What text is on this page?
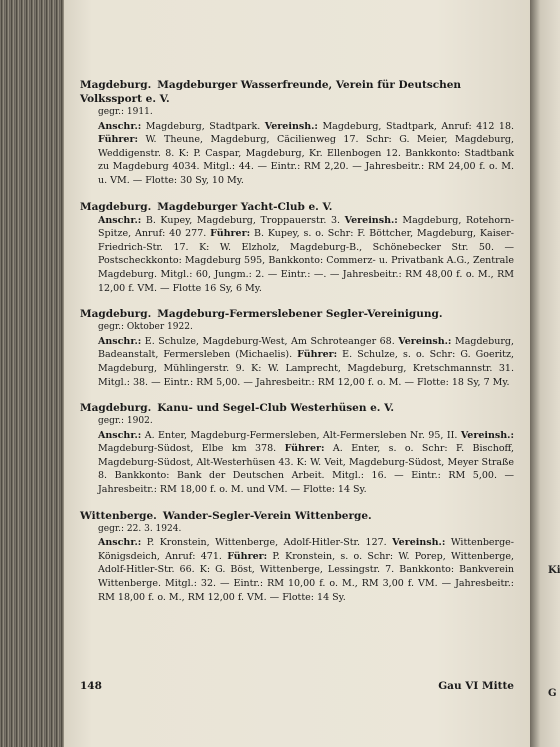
Ki
G
Magdeburg. Magdeburger Wasserfreunde, Verein für Deutschen Volkssport e. V.
gegr.: 1911.
Anschr.: Magdeburg, Stadtpark. Vereinsh.: Magdeburg, Stadtpark, Anruf: 412 18. Führer: W. Theune, Magdeburg, Cäcilienweg 17. Schr: G. Meier, Magdeburg, Weddigenstr. 8. K: P. Caspar, Magdeburg, Kr. Ellenbogen 12. Bankkonto: Stadtbank zu Magdeburg 4034. Mitgl.: 44. — Eintr.: RM 2,20. — Jahresbeitr.: RM 24,00 f. o. M. u. VM. — Flotte: 30 Sy, 10 My.
Magdeburg. Magdeburger Yacht-Club e. V.
Anschr.: B. Kupey, Magdeburg, Troppauerstr. 3. Vereinsh.: Magdeburg, Rotehorn-Spitze, Anruf: 40 277. Führer: B. Kupey, s. o. Schr: F. Böttcher, Magdeburg, Kaiser-Friedrich-Str. 17. K: W. Elzholz, Magdeburg-B., Schönebecker Str. 50. — Postscheckkonto: Magdeburg 595, Bankkonto: Commerz- u. Privatbank A.G., Zentrale Magdeburg. Mitgl.: 60, Jungm.: 2. — Eintr.: —. — Jahresbeitr.: RM 48,00 f. o. M., RM 12,00 f. VM. — Flotte 16 Sy, 6 My.
Magdeburg. Magdeburg-Fermerslebener Segler-Vereinigung.
gegr.: Oktober 1922.
Anschr.: E. Schulze, Magdeburg-West, Am Schroteanger 68. Vereinsh.: Magdeburg, Badeanstalt, Fermersleben (Michaelis). Führer: E. Schulze, s. o. Schr: G. Goeritz, Magdeburg, Mühlingerstr. 9. K: W. Lamprecht, Magdeburg, Kretschmannstr. 31. Mitgl.: 38. — Eintr.: RM 5,00. — Jahresbeitr.: RM 12,00 f. o. M. — Flotte: 18 Sy, 7 My.
Magdeburg. Kanu- und Segel-Club Westerhüsen e. V.
gegr.: 1902.
Anschr.: A. Enter, Magdeburg-Fermersleben, Alt-Fermersleben Nr. 95, II. Vereinsh.: Magdeburg-Südost, Elbe km 378. Führer: A. Enter, s. o. Schr: F. Bischoff, Magdeburg-Südost, Alt-Westerhüsen 43. K: W. Veit, Magdeburg-Südost, Meyer Straße 8. Bankkonto: Bank der Deutschen Arbeit. Mitgl.: 16. — Eintr.: RM 5,00. — Jahresbeitr.: RM 18,00 f. o. M. und VM. — Flotte: 14 Sy.
Wittenberge. Wander-Segler-Verein Wittenberge.
gegr.: 22. 3. 1924.
Anschr.: P. Kronstein, Wittenberge, Adolf-Hitler-Str. 127. Vereinsh.: Wittenberge-Königsdeich, Anruf: 471. Führer: P. Kronstein, s. o. Schr: W. Porep, Wittenberge, Adolf-Hitler-Str. 66. K: G. Böst, Wittenberge, Lessingstr. 7. Bankkonto: Bankverein Wittenberge. Mitgl.: 32. — Eintr.: RM 10,00 f. o. M., RM 3,00 f. VM. — Jahresbeitr.: RM 18,00 f. o. M., RM 12,00 f. VM. — Flotte: 14 Sy.
148	Gau VI Mitte
